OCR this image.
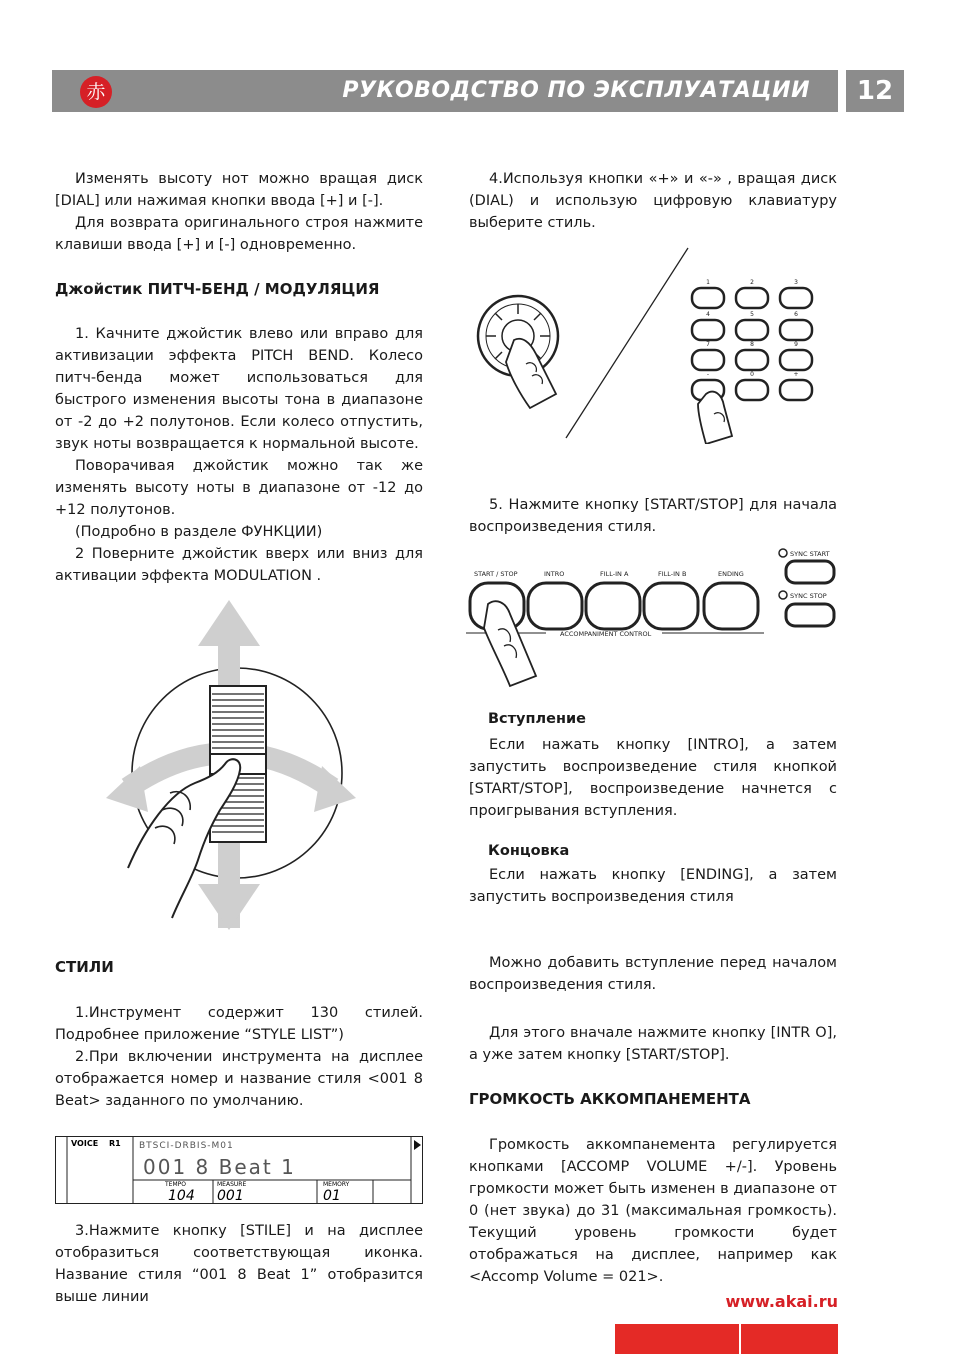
赤	РУКОВОДСТВО ПО ЭКСПЛУАТАЦИИ	12

Изменять высоту нот можно вращая диск [DIAL] или нажимая кнопки ввода [+] и [-].

Для возврата оригинального строя нажмите клавиши ввода [+] и [-] одновременно.

Джойстик ПИТЧ-БЕНД / МОДУЛЯЦИЯ

1. Качните джойстик влево или вправо для активизации эффекта PITCH BEND. Колесо питч-бенда может использоваться для быстрого изменения высоты тона в диапазоне от -2 до +2 полутонов. Если колесо отпустить, звук ноты возвращается к нормальной высоте.

Поворачивая джойстик можно так же изменять высоту ноты в диапазоне от -12 до +12 полутонов.

(Подробно в разделе ФУНКЦИИ)

2 Поверните джойстик вверх или вниз для активации эффекта MODULATION .

СТИЛИ

1.Инструмент содержит 130 стилей. Подробнее приложение “STYLE LIST”)

2.При включении инструмента на дисплее отображается номер и название стиля <001 8 Beat> заданного по умолчанию.

VOICE R1 BTSCI-DRBIS-M01
001 8 Beat 1
TEMPO
104
MEASURE
001
MEMORY
01

3.Нажмите кнопку [STILE] и на дисплее отобразиться соответствующая иконка. Название стиля “001 8 Beat 1” отобразится выше линии

4.Используя кнопки «+» и «-» , вращая диск (DIAL) и использую цифровую клавиатуру выберите стиль.

1	2	3
4	5	6
7	8	9
-	0	+

5. Нажмите кнопку [START/STOP] для начала воспроизведения стиля.

START / STOP	INTRO	FILL-IN A	FILL-IN B	ENDING
ACCOMPANIMENT CONTROL
SYNC START
SYNC STOP
Вступление

Если нажать кнопку [INTRO], а затем запустить воспроизведение стиля кнопкой [START/STOP], воспроизведение начнется с проигрывания вступления.

Концовка

Если нажать кнопку [ENDING], а затем запустить воспроизведения стиля

Можно добавить вступление перед началом воспроизведения стиля.

Для этого вначале нажмите кнопку [INTR O], а уже затем кнопку [START/STOP].

ГРОМКОСТЬ АККОМПАНЕМЕНТА

Громкость аккомпанемента регулируется кнопками [ACCOMP VOLUME +/-]. Уровень громкости может быть изменен в диапазоне от 0 (нет звука) до 31 (максимальная громкость). Текущий уровень громкости будет отображаться на дисплее, например как <Accomp Volume = 021>.

www.akai.ru
